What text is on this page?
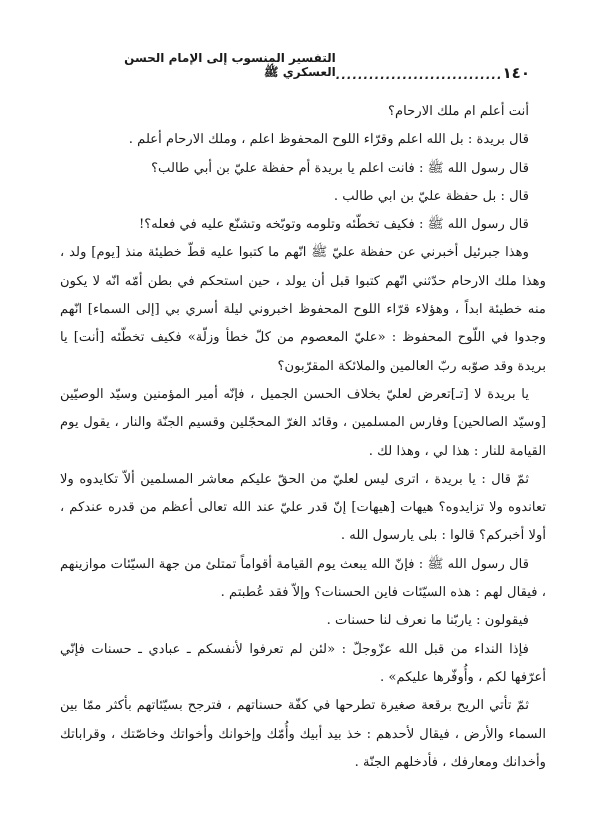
١٤٠
..............................
التفسير المنسوب إلى الإمام الحسن العسكري ﷺ

أنت أعلم ام ملك الارحام؟

قال بريدة : بل الله اعلم وقرّاء اللوح المحفوظ اعلم ، وملك الارحام أعلم .

قال رسول الله ﷺ : فانت اعلم يا بريدة أم حفظة عليّ بن أبي طالب؟

قال : بل حفظة عليّ بن ابي طالب .

قال رسول الله ﷺ : فكيف تخطّئه وتلومه وتوبّخه وتشنّع عليه في فعله؟!

وهذا جبرئيل أخبرني عن حفظة عليّ ﷺ انّهم ما كتبوا عليه قطّ خطيئة منذ [يوم] ولد ، وهذا ملك الارحام حدّثني انّهم كتبوا قبل أن يولد ، حين استحكم في بطن أمّه انّه لا يكون منه خطيئة ابداً ، وهؤلاء قرّاء اللوح المحفوظ اخبروني ليلة أسري بي [إلى السماء] انّهم وجدوا في اللّوح المحفوظ : «عليّ المعصوم من كلّ خطأ وزلّة» فكيف تخطّئه [أنت] يا بريدة وقد صوّبه ربّ العالمين والملائكة المقرّبون؟

يا بريدة لا [تـ]تعرض لعليّ بخلاف الحسن الجميل ، فإنّه أمير المؤمنين وسيّد الوصيّين [وسيّد الصالحين] وفارس المسلمين ، وقائد الغرّ المحجّلين وقسيم الجنّة والنار ، يقول يوم القيامة للنار : هذا لي ، وهذا لك .

ثمّ قال : يا بريدة ، اترى ليس لعليّ من الحقّ عليكم معاشر المسلمين ألاّ تكايدوه ولا تعاندوه ولا تزايدوه؟ هيهات [هيهات] إنّ قدر عليّ عند الله تعالى أعظم من قدره عندكم ، أولا أخبركم؟ قالوا : بلى يارسول الله .

قال رسول الله ﷺ : فإنّ الله يبعث يوم القيامة أقواماً تمتلئ من جهة السيّئات موازينهم ، فيقال لهم : هذه السيّئات فاين الحسنات؟ وإلاّ فقد عُطبتم .

فيقولون : ياربّنا ما نعرف لنا حسنات .

فإذا النداء من قبل الله عزّوجلّ : «لئن لم تعرفوا لأنفسكم ـ عبادي ـ حسنات فإنّي أعرّفها لكم ، وأُوفّرها عليكم» .

ثمّ تأتي الريح برقعة صغيرة تطرحها في كفّة حسناتهم ، فترجح بسيّئاتهم بأكثر ممّا بين السماء والأرض ، فيقال لأحدهم : خذ بيد أبيك وأُمّك وإخوانك وأخواتك وخاصّتك ، وقراباتك وأخدانك ومعارفك ، فأدخلهم الجنّة .
